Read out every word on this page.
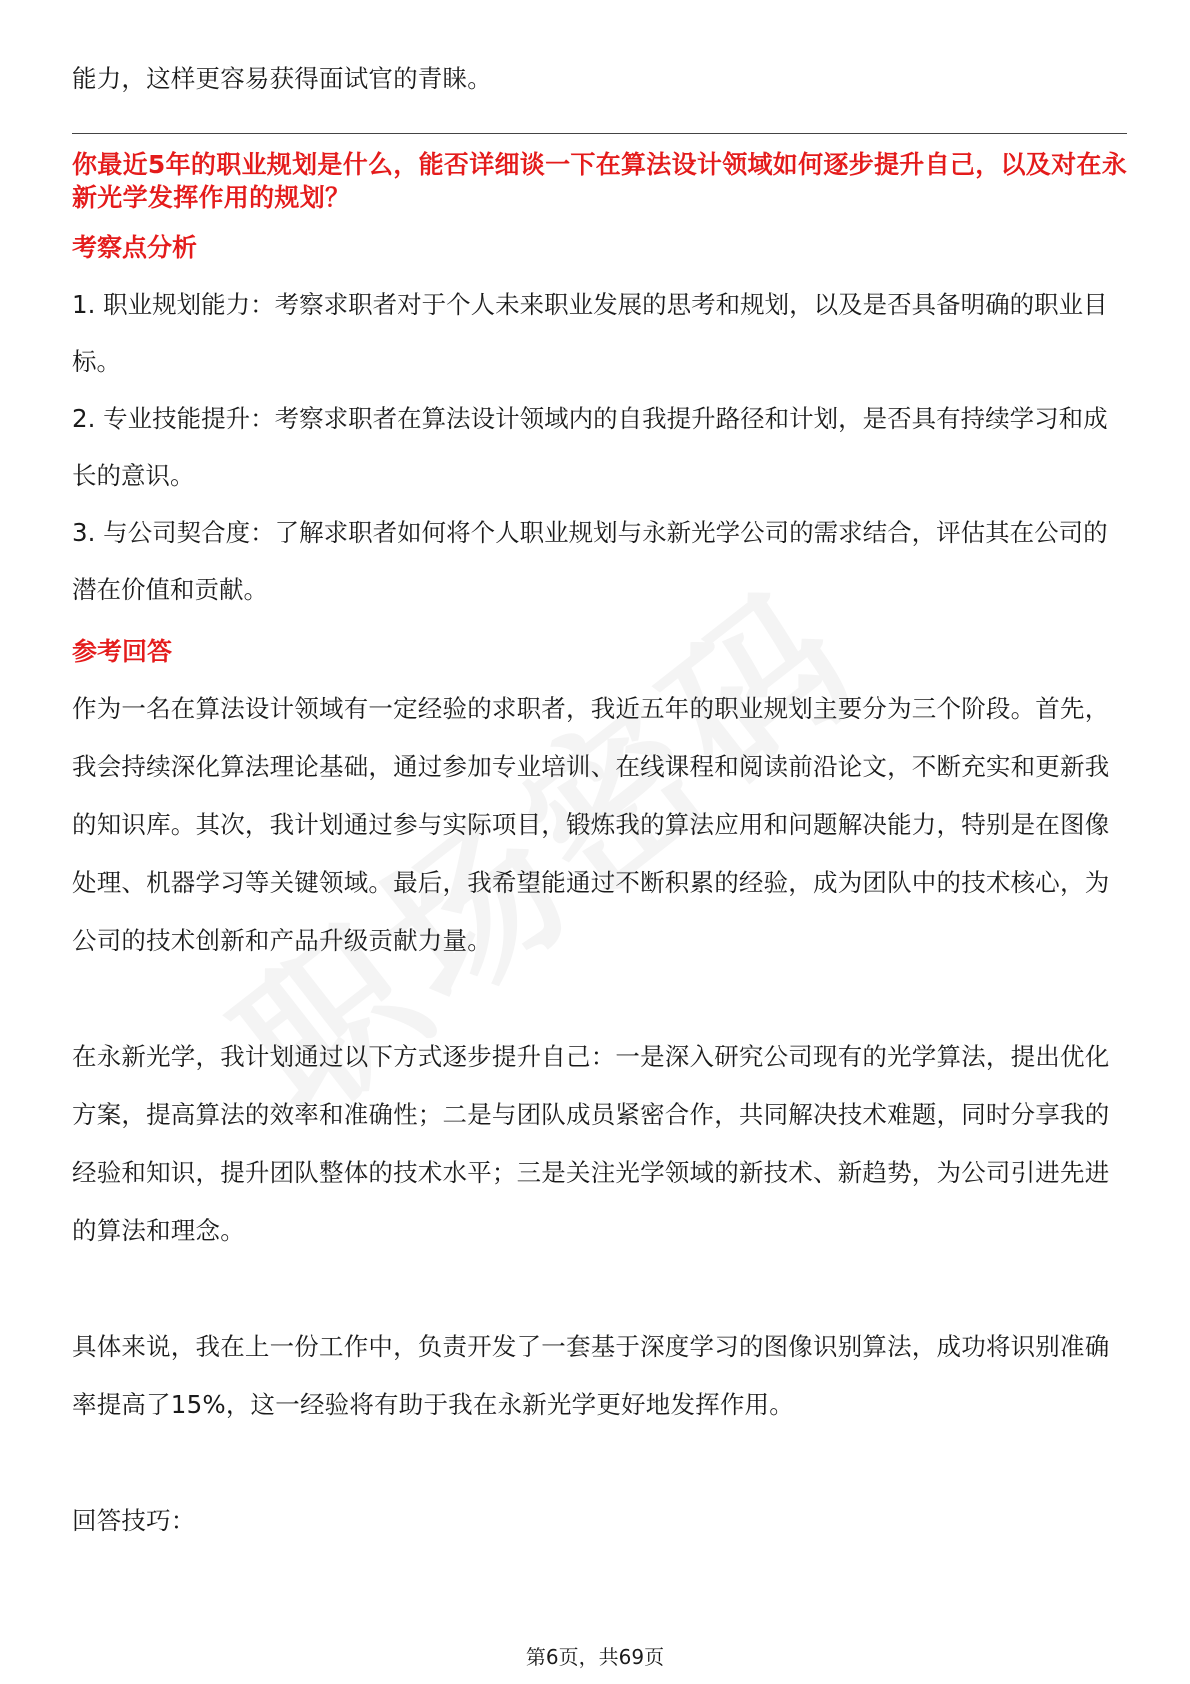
能力，这样更容易获得面试官的青睐。

你最近5年的职业规划是什么，能否详细谈一下在算法设计领域如何逐步提升自己，以及对在永新光学发挥作用的规划？

考察点分析

1. 职业规划能力：考察求职者对于个人未来职业发展的思考和规划，以及是否具备明确的职业目标。

2. 专业技能提升：考察求职者在算法设计领域内的自我提升路径和计划，是否具有持续学习和成长的意识。

3. 与公司契合度：了解求职者如何将个人职业规划与永新光学公司的需求结合，评估其在公司的潜在价值和贡献。

参考回答

作为一名在算法设计领域有一定经验的求职者，我近五年的职业规划主要分为三个阶段。首先，我会持续深化算法理论基础，通过参加专业培训、在线课程和阅读前沿论文，不断充实和更新我的知识库。其次，我计划通过参与实际项目，锻炼我的算法应用和问题解决能力，特别是在图像处理、机器学习等关键领域。最后，我希望能通过不断积累的经验，成为团队中的技术核心，为公司的技术创新和产品升级贡献力量。

在永新光学，我计划通过以下方式逐步提升自己：一是深入研究公司现有的光学算法，提出优化方案，提高算法的效率和准确性；二是与团队成员紧密合作，共同解决技术难题，同时分享我的经验和知识，提升团队整体的技术水平；三是关注光学领域的新技术、新趋势，为公司引进先进的算法和理念。

具体来说，我在上一份工作中，负责开发了一套基于深度学习的图像识别算法，成功将识别准确率提高了15%，这一经验将有助于我在永新光学更好地发挥作用。

回答技巧：

第6页，共69页
